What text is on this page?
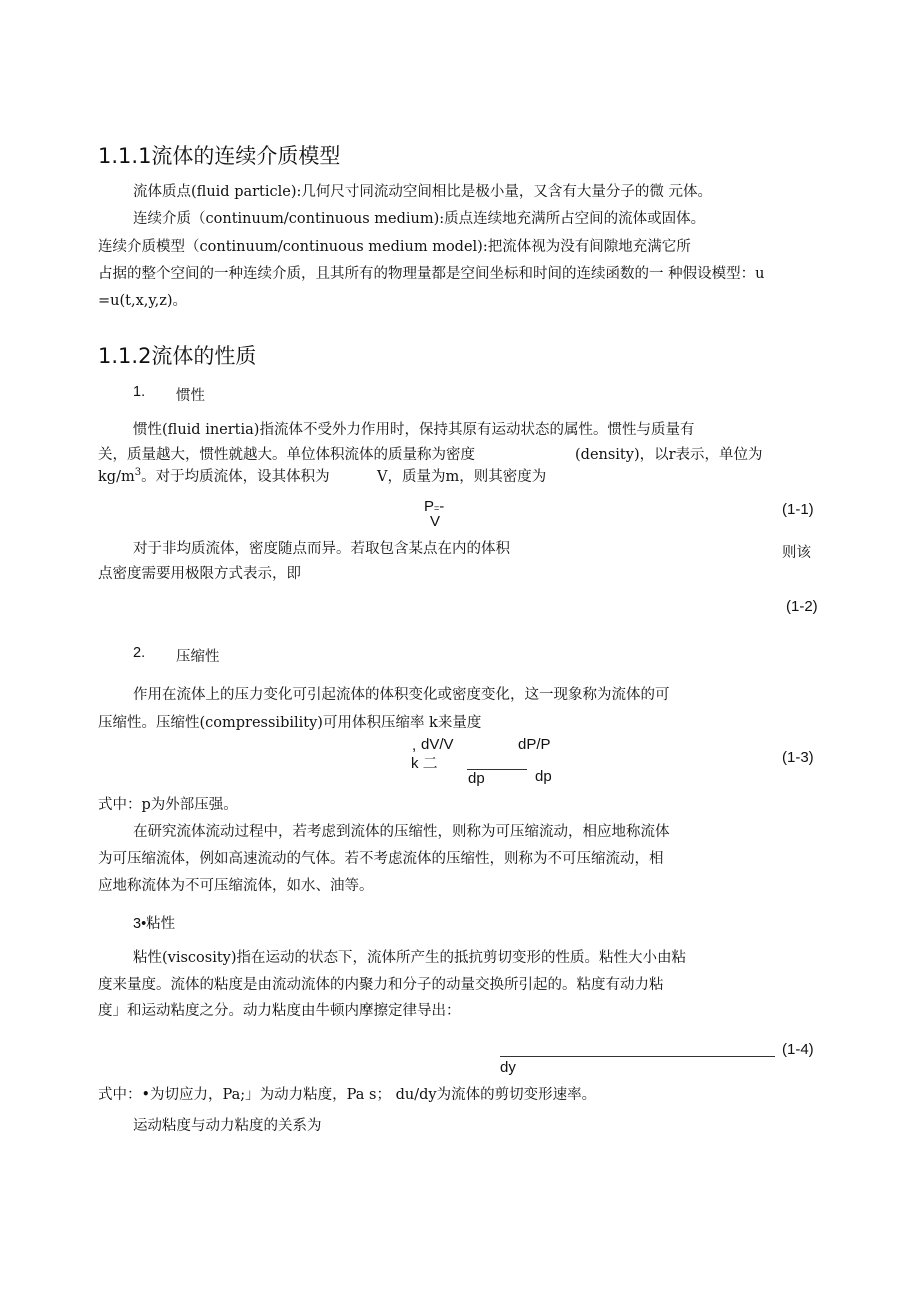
1.1.1流体的连续介质模型
流体质点(fluid particle):几何尺寸同流动空间相比是极小量，又含有大量分子的微 元体。
连续介质（continuum/continuous medium):质点连续地充满所占空间的流体或固体。
连续介质模型（continuum/continuous medium model):把流体视为没有间隙地充满它所
占据的整个空间的一种连续介质，且其所有的物理量都是空间坐标和时间的连续函数的一 种假设模型：u
=u(t,x,y,z)。
1.1.2流体的性质
1. 惯性
惯性(fluid inertia)指流体不受外力作用时，保持其原有运动状态的属性。惯性与质量有
关，质量越大，惯性就越大。单位体积流体的质量称为密度	(density)，以r表示，单位为
$kg/m^3$。对于均质流体，设其体积为	V，质量为m，则其密度为
P=-
V
(1-1)
对于非均质流体，密度随点而异。若取包含某点在内的体积	则该
点密度需要用极限方式表示，即
(1-2)
2. 压缩性
作用在流体上的压力变化可引起流体的体积变化或密度变化，这一现象称为流体的可
压缩性。压缩性(compressibility)可用体积压缩率 k来量度
, dV/V	dP/P
k 二
dp	dp
(1-3)
式中：p为外部压强。
在研究流体流动过程中，若考虑到流体的压缩性，则称为可压缩流动，相应地称流体
为可压缩流体，例如高速流动的气体。若不考虑流体的压缩性，则称为不可压缩流动，相
应地称流体为不可压缩流体，如水、油等。
3•粘性
粘性(viscosity)指在运动的状态下，流体所产生的抵抗剪切变形的性质。粘性大小由粘
度来量度。流体的粘度是由流动流体的内聚力和分子的动量交换所引起的。粘度有动力粘
度」和运动粘度之分。动力粘度由牛顿内摩擦定律导出：
dy
(1-4)
式中：•为切应力，Pa;」为动力粘度，Pa s； du/dy为流体的剪切变形速率。
运动粘度与动力粘度的关系为
